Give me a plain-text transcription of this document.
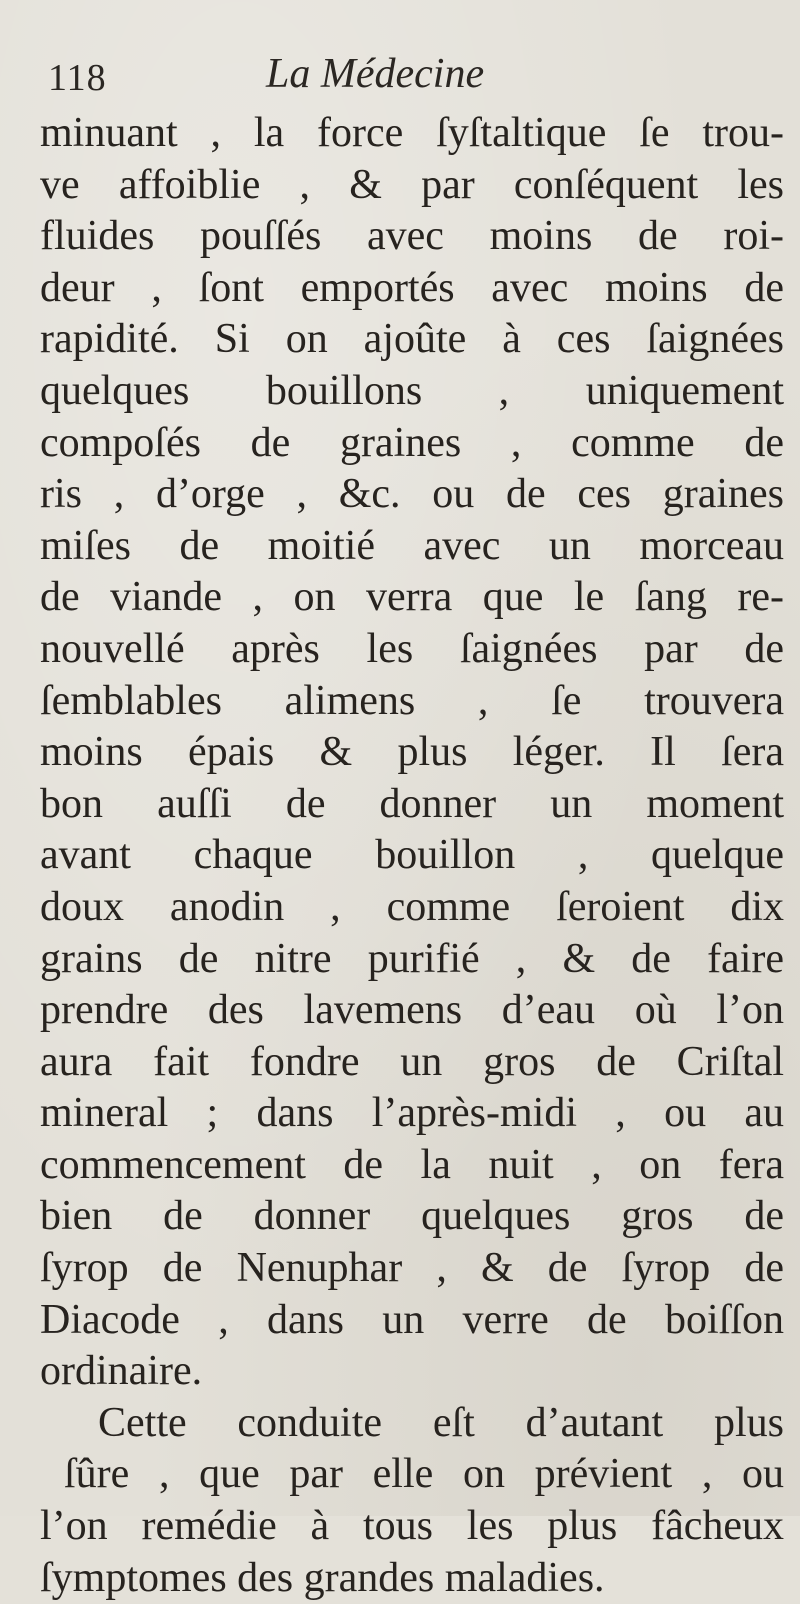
118	La Médecine
minuant , la force ſyſtaltique ſe trou-
ve affoiblie , & par conſéquent les
fluides pouſſés avec moins de roi-
deur , ſont emportés avec moins de
rapidité. Si on ajoûte à ces ſaignées
quelques bouillons , uniquement
compoſés de graines , comme de
ris , d’orge , &c. ou de ces graines
miſes de moitié avec un morceau
de viande , on verra que le ſang re-
nouvellé après les ſaignées par de
ſemblables alimens , ſe trouvera
moins épais & plus léger. Il ſera
bon auſſi de donner un moment
avant chaque bouillon , quelque
doux anodin , comme ſeroient dix
grains de nitre purifié , & de faire
prendre des lavemens d’eau où l’on
aura fait fondre un gros de Criſtal
mineral ; dans l’après-midi , ou au
commencement de la nuit , on fera
bien de donner quelques gros de
ſyrop de Nenuphar , & de ſyrop de
Diacode , dans un verre de boiſſon
ordinaire.
Cette conduite eſt d’autant plus
ſûre , que par elle on prévient , ou
l’on remédie à tous les plus fâcheux
ſymptomes des grandes maladies.
